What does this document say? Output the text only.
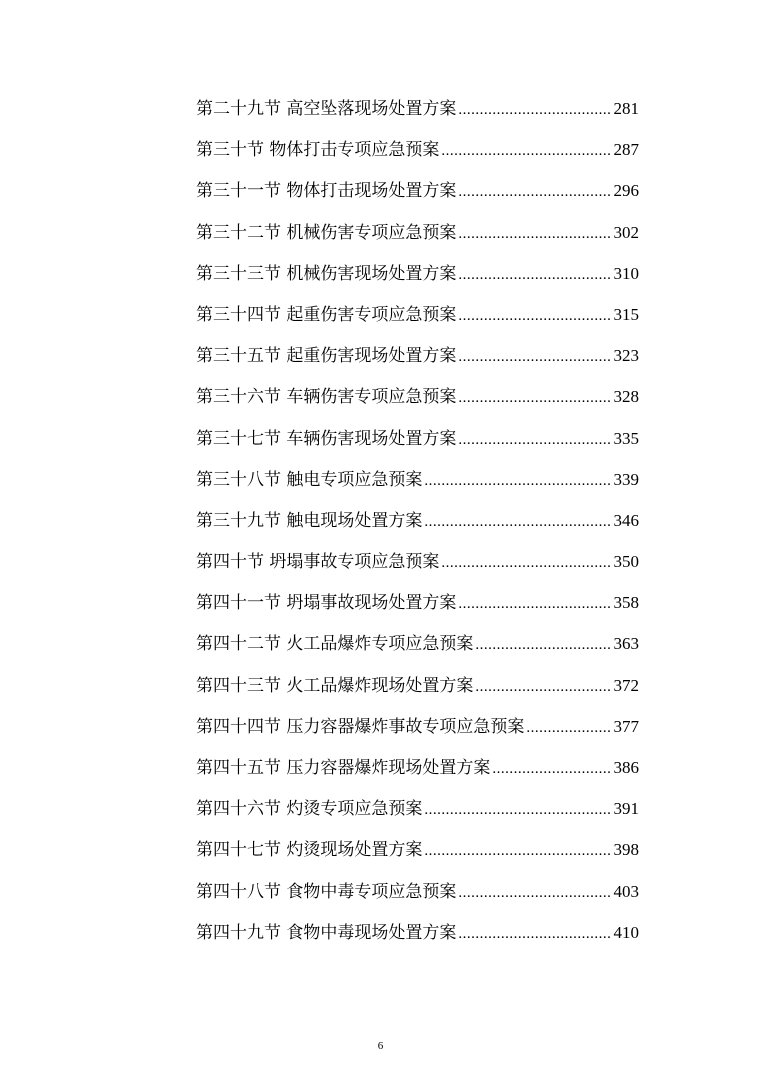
第二十九节 高空坠落现场处置方案 .....	281
第三十节 物体打击专项应急预案 .....	287
第三十一节 物体打击现场处置方案 .....	296
第三十二节 机械伤害专项应急预案 .....	302
第三十三节 机械伤害现场处置方案 .....	310
第三十四节 起重伤害专项应急预案 .....	315
第三十五节 起重伤害现场处置方案 .....	323
第三十六节 车辆伤害专项应急预案 .....	328
第三十七节 车辆伤害现场处置方案 .....	335
第三十八节 触电专项应急预案 .....	339
第三十九节 触电现场处置方案 .....	346
第四十节 坍塌事故专项应急预案 .....	350
第四十一节 坍塌事故现场处置方案 .....	358
第四十二节 火工品爆炸专项应急预案 .....	363
第四十三节 火工品爆炸现场处置方案 .....	372
第四十四节 压力容器爆炸事故专项应急预案 .....	377
第四十五节 压力容器爆炸现场处置方案 .....	386
第四十六节 灼烫专项应急预案 .....	391
第四十七节 灼烫现场处置方案 .....	398
第四十八节 食物中毒专项应急预案 .....	403
第四十九节 食物中毒现场处置方案 .....	410
6
